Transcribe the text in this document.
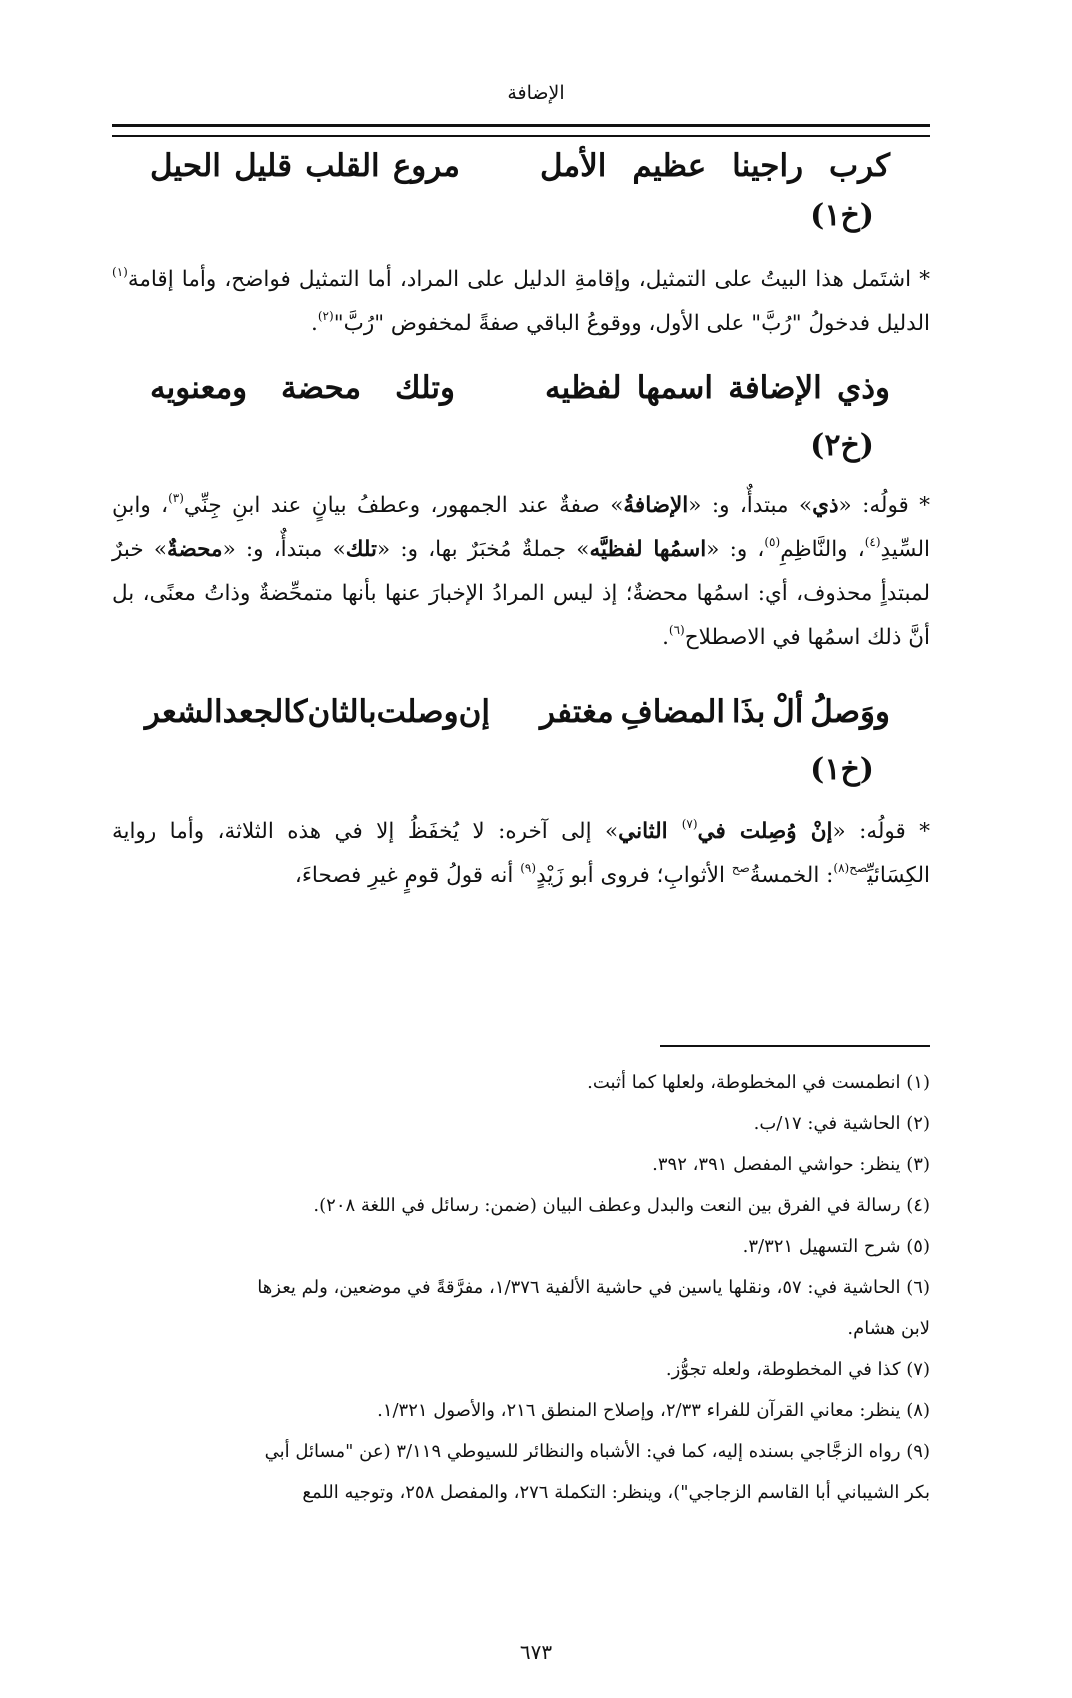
الإضافة
كرب
راجينا
عظيم
الأمل
مروع
القلب
قليل
الحيل
(خ١)
* اشتَمل هذا البيتُ على التمثيل، وإقامةِ الدليل على المراد، أما التمثيل فواضح، وأما إقامة$^{(١)}$ الدليل فدخولُ "رُبَّ" على الأول، ووقوعُ الباقي صفةً لمخفوض "رُبَّ"$^{(٢)}$.
وذي
الإضافة
اسمها
لفظيه
وتلك
محضة
ومعنويه
(خ٢)
* قولُه: «ذي» مبتدأٌ، و: «الإضافةُ» صفةٌ عند الجمهور، وعطفُ بيانٍ عند ابنِ جِنِّي$^{(٣)}$، وابنِ السِّيدِ$^{(٤)}$، والنَّاظِمِ$^{(٥)}$، و: «اسمُها لفظيَّه» جملةٌ مُخبَرٌ بها، و: «تلك» مبتدأٌ، و: «محضةٌ» خبرٌ لمبتدأٍ محذوف، أي: اسمُها محضةٌ؛ إذ ليس المرادُ الإخبارَ عنها بأنها متمحِّضةٌ وذاتُ معنًى، بل أنَّ ذلك اسمُها في الاصطلاح$^{(٦)}$.
ووَصلُ
ألْ
بذَا
المضافِ
مغتفر
إن
وصلت
بالثان
كالجعد
الشعر
(خ١)
* قولُه: «إنْ وُصِلت في$^{(٧)}$ الثاني» إلى آخره: لا يُخفَظُ إلا في هذه الثلاثة، وأما رواية الكِسَائيِّ$^{صح(٨)}$: الخمسةُ$^{صح}$ الأثوابِ؛ فروى أبو زَيْدٍ$^{(٩)}$ أنه قولُ قومٍ غيرِ فصحاءَ،
(١) انطمست في المخطوطة، ولعلها كما أثبت.
(٢) الحاشية في: ١٧/ب.
(٣) ينظر: حواشي المفصل ٣٩١، ٣٩٢.
(٤) رسالة في الفرق بين النعت والبدل وعطف البيان (ضمن: رسائل في اللغة ٢٠٨).
(٥) شرح التسهيل ٣/٣٢١.
(٦) الحاشية في: ٥٧، ونقلها ياسين في حاشية الألفية ١/٣٧٦، مفرَّقةً في موضعين، ولم يعزها
لابن هشام.
(٧) كذا في المخطوطة، ولعله تجوُّز.
(٨) ينظر: معاني القرآن للفراء ٢/٣٣، وإصلاح المنطق ٢١٦، والأصول ١/٣٢١.
(٩) رواه الزجَّاجي بسنده إليه، كما في: الأشباه والنظائر للسيوطي ٣/١١٩ (عن "مسائل أبي
بكر الشيباني أبا القاسم الزجاجي")، وينظر: التكملة ٢٧٦، والمفصل ٢٥٨، وتوجيه اللمع
٦٧٣
